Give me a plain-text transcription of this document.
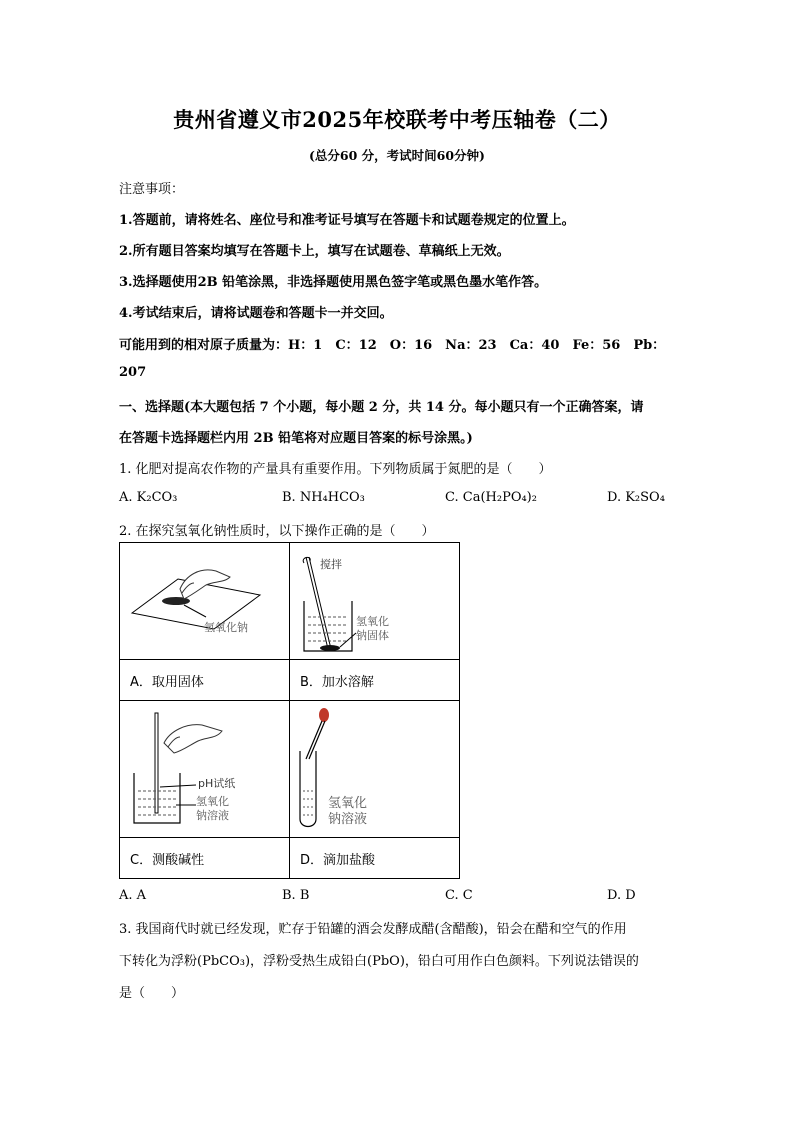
贵州省遵义市2025年校联考中考压轴卷（二）
(总分60 分，考试时间60分钟)
注意事项：
1.答题前，请将姓名、座位号和准考证号填写在答题卡和试题卷规定的位置上。
2.所有题目答案均填写在答题卡上，填写在试题卷、草稿纸上无效。
3.选择题使用2B 铅笔涂黑，非选择题使用黑色签字笔或黑色墨水笔作答。
4.考试结束后，请将试题卷和答题卡一并交回。
可能用到的相对原子质量为：H：1　C：12　O：16　Na：23　Ca：40　Fe：56　Pb：
207
一、选择题(本大题包括 7 个小题，每小题 2 分，共 14 分。每小题只有一个正确答案，请
在答题卡选择题栏内用 2B 铅笔将对应题目答案的标号涂黑。)
1. 化肥对提高农作物的产量具有重要作用。下列物质属于氮肥的是（　　）
A. K₂CO₃	B. NH₄HCO₃	C. Ca(H₂PO₄)₂	D. K₂SO₄
2. 在探究氢氧化钠性质时，以下操作正确的是（　　）
氢氧化钠	搅拌
氢氧化
钠固体

A．取用固体	B．加水溶解

pH试纸
氢氧化
钠溶液	氢氧化
钠溶液

C．测酸碱性	D．滴加盐酸
A. A	B. B	C. C	D. D
3. 我国商代时就已经发现，贮存于铅罐的酒会发酵成醋(含醋酸)，铅会在醋和空气的作用
下转化为浮粉(PbCO₃)，浮粉受热生成铅白(PbO)，铅白可用作白色颜料。下列说法错误的
是（　　）
